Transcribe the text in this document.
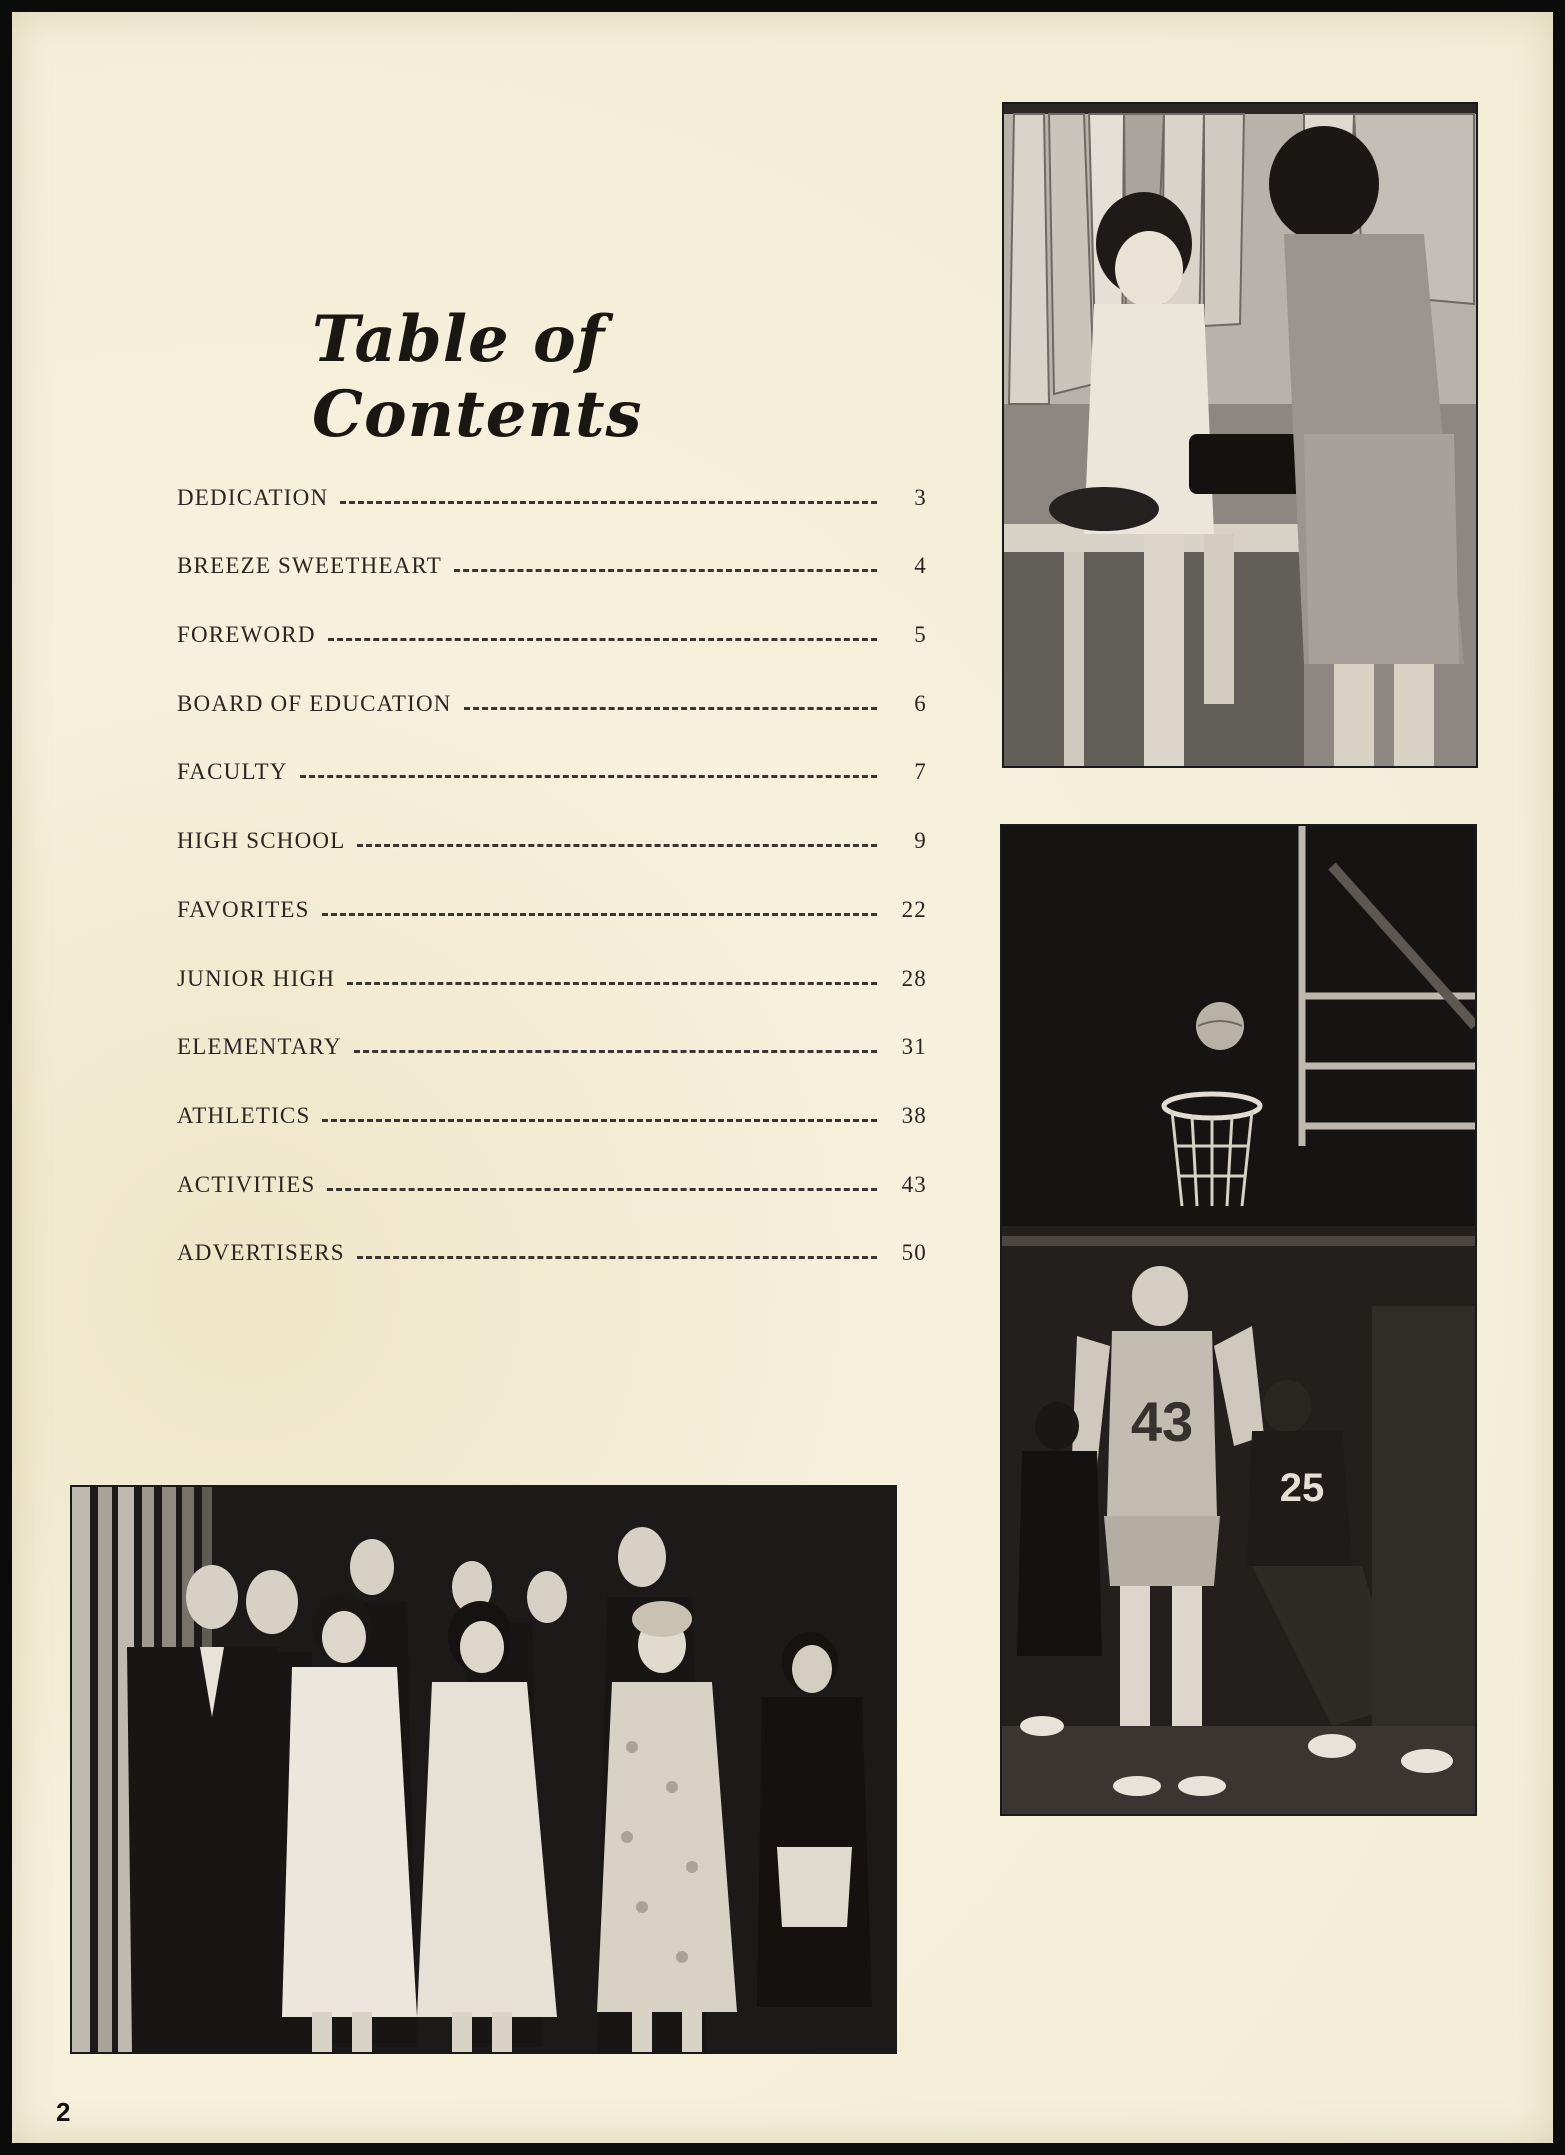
Table of Contents
DEDICATION	3
BREEZE SWEETHEART	4
FOREWORD	5
BOARD OF EDUCATION	6
FACULTY	7
HIGH SCHOOL	9
FAVORITES	22
JUNIOR HIGH	28
ELEMENTARY	31
ATHLETICS	38
ACTIVITIES	43
ADVERTISERS	50
43
25
2
